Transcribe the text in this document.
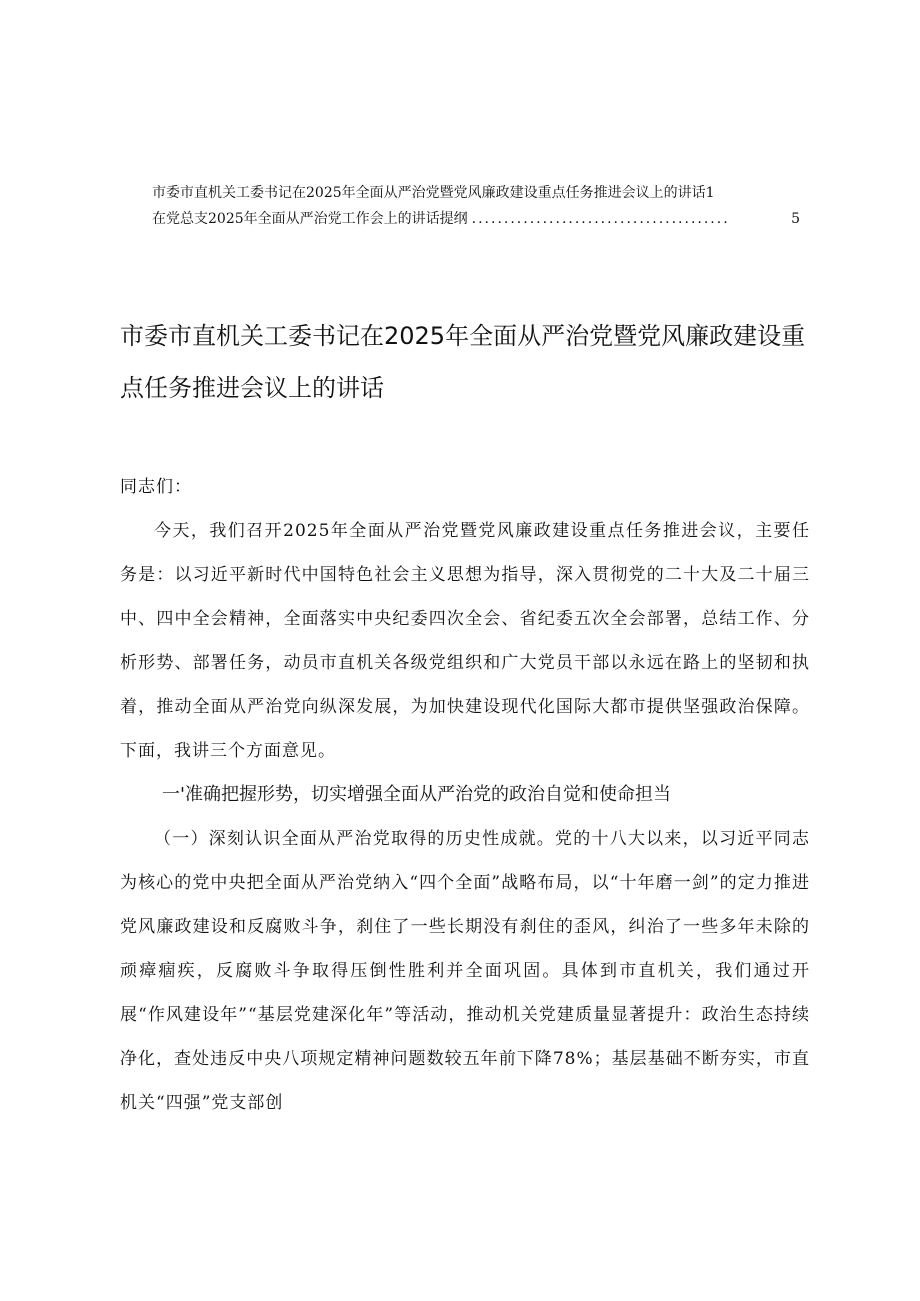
市委市直机关工委书记在2025年全面从严治党暨党风廉政建设重点任务推进会议上的讲话 1
在党总支2025年全面从严治党工作会上的讲话提纲 ........................................	5
市委市直机关工委书记在2025年全面从严治党暨党风廉政建设重点任务推进会议上的讲话

同志们：

今天，我们召开2025年全面从严治党暨党风廉政建设重点任务推进会议，主要任务是：以习近平新时代中国特色社会主义思想为指导，深入贯彻党的二十大及二十届三中、四中全会精神，全面落实中央纪委四次全会、省纪委五次全会部署，总结工作、分析形势、部署任务，动员市直机关各级党组织和广大党员干部以永远在路上的坚韧和执着，推动全面从严治党向纵深发展，为加快建设现代化国际大都市提供坚强政治保障。下面，我讲三个方面意见。

一'准确把握形势，切实增强全面从严治党的政治自觉和使命担当

（一）深刻认识全面从严治党取得的历史性成就。党的十八大以来，以习近平同志为核心的党中央把全面从严治党纳入“四个全面”战略布局，以“十年磨一剑”的定力推进党风廉政建设和反腐败斗争，刹住了一些长期没有刹住的歪风，纠治了一些多年未除的顽瘴痼疾，反腐败斗争取得压倒性胜利并全面巩固。具体到市直机关，我们通过开展“作风建设年”“基层党建深化年”等活动，推动机关党建质量显著提升：政治生态持续净化，查处违反中央八项规定精神问题数较五年前下降78%；基层基础不断夯实，市直机关“四强”党支部创
